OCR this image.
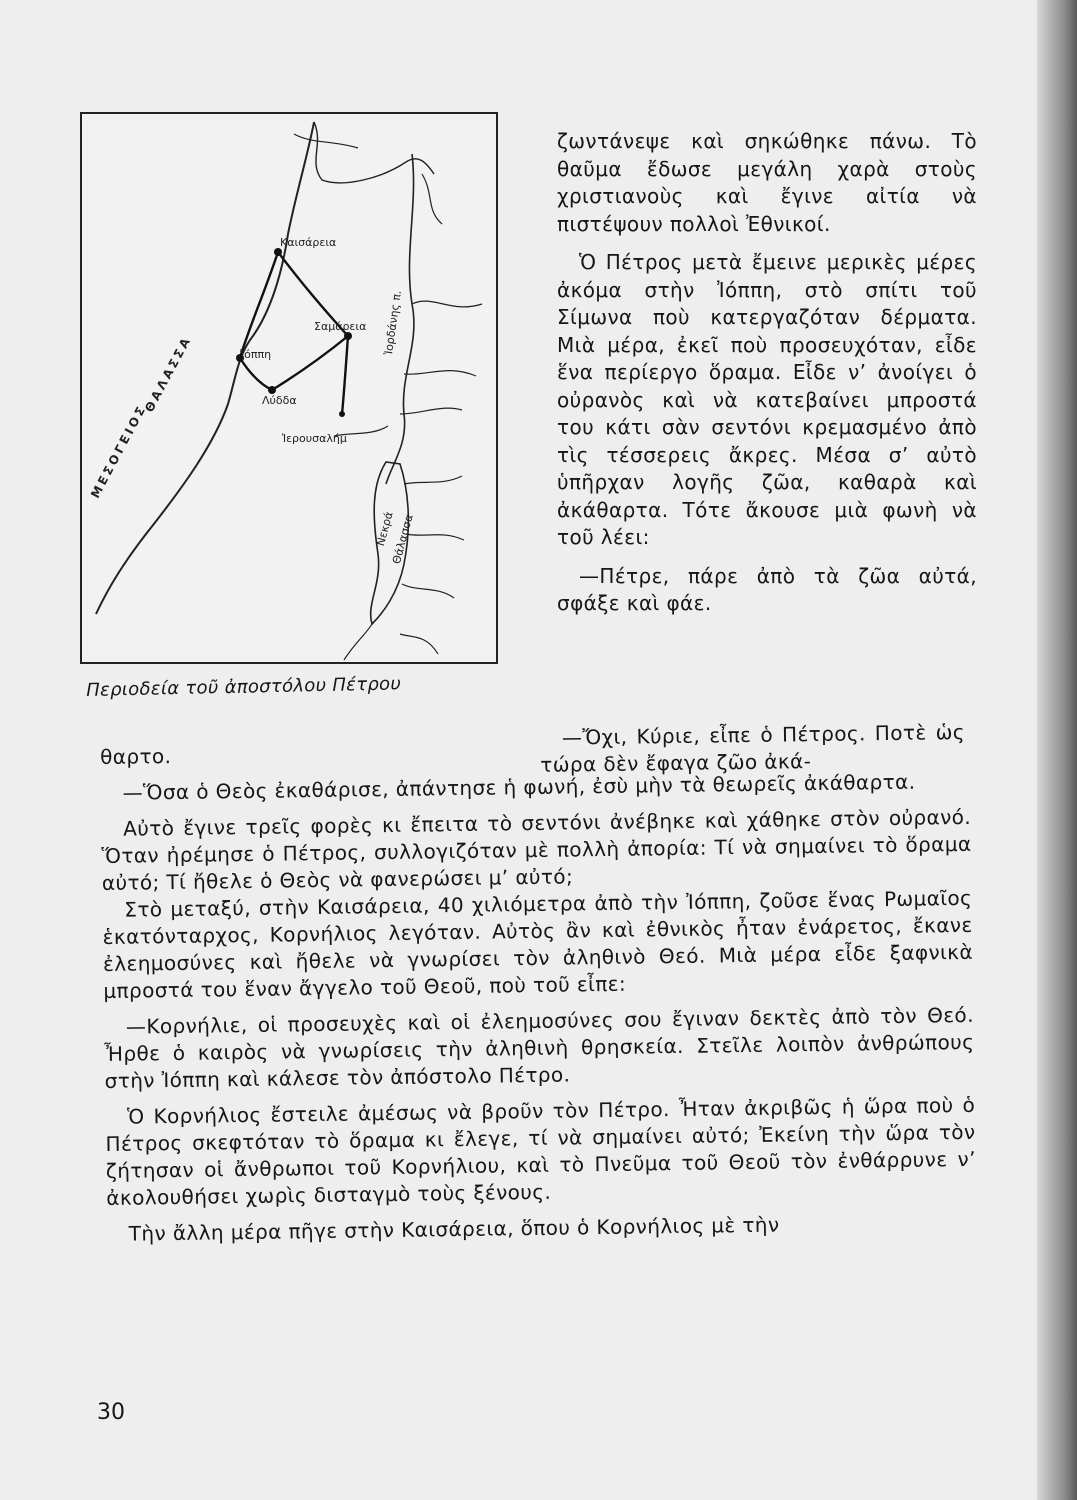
Καισάρεια
Σαμάρεια
Ἰόππη
Λύδδα
Ἱερουσαλήμ
Ἰορδάνης π.
Νεκρά
Θάλασσα
ΜΕΣΟΓΕΙΟΣ
ΘΑΛΑΣΣΑ
Περιοδεία τοῦ ἀποστόλου Πέτρου

ζωντάνεψε καὶ σηκώθηκε πάνω. Τὸ θαῦμα ἔδωσε μεγάλη χαρὰ στοὺς χριστιανοὺς καὶ ἔγινε αἰτία νὰ πιστέψουν πολλοὶ Ἐθνικοί.

Ὁ Πέτρος μετὰ ἔμεινε μερικὲς μέρες ἀκόμα στὴν Ἰόππη, στὸ σπίτι τοῦ Σίμωνα ποὺ κατεργαζόταν δέρματα. Μιὰ μέρα, ἐκεῖ ποὺ προσευχόταν, εἶδε ἕνα περίεργο ὅραμα. Εἶδε ν’ ἀνοίγει ὁ οὐρανὸς καὶ νὰ κατεβαίνει μπροστά του κάτι σὰν σεντόνι κρεμασμένο ἀπὸ τὶς τέσσερεις ἄκρες. Μέσα σ’ αὐτὸ ὑπῆρχαν λογῆς ζῶα, καθαρὰ καὶ ἀκάθαρτα. Τότε ἄκουσε μιὰ φωνὴ νὰ τοῦ λέει:

—Πέτρε, πάρε ἀπὸ τὰ ζῶα αὐτά, σφάξε καὶ φάε.

—Ὄχι, Κύριε, εἶπε ὁ Πέτρος. Ποτὲ ὡς τώρα δὲν ἔφαγα ζῶο ἀκά-

θαρτο.

—Ὅσα ὁ Θεὸς ἐκαθάρισε, ἀπάντησε ἡ φωνή, ἐσὺ μὴν τὰ θεωρεῖς ἀκάθαρτα.

Αὐτὸ ἔγινε τρεῖς φορὲς κι ἔπειτα τὸ σεντόνι ἀνέβηκε καὶ χάθηκε στὸν οὐρανό. Ὅταν ἠρέμησε ὁ Πέτρος, συλλογιζόταν μὲ πολλὴ ἀπορία: Τί νὰ σημαίνει τὸ ὅραμα αὐτό; Τί ἤθελε ὁ Θεὸς νὰ φανερώσει μ’ αὐτό;

Στὸ μεταξύ, στὴν Καισάρεια, 40 χιλιόμετρα ἀπὸ τὴν Ἰόππη, ζοῦσε ἕνας Ρωμαῖος ἑκατόνταρχος, Κορνήλιος λεγόταν. Αὐτὸς ἂν καὶ ἐθνικὸς ἦταν ἐνάρετος, ἔκανε ἐλεημοσύνες καὶ ἤθελε νὰ γνωρίσει τὸν ἀληθινὸ Θεό. Μιὰ μέρα εἶδε ξαφνικὰ μπροστά του ἕναν ἄγγελο τοῦ Θεοῦ, ποὺ τοῦ εἶπε:

—Κορνήλιε, οἱ προσευχὲς καὶ οἱ ἐλεημοσύνες σου ἔγιναν δεκτὲς ἀπὸ τὸν Θεό. Ἦρθε ὁ καιρὸς νὰ γνωρίσεις τὴν ἀληθινὴ θρησκεία. Στεῖλε λοιπὸν ἀνθρώπους στὴν Ἰόππη καὶ κάλεσε τὸν ἀπόστολο Πέτρο.

Ὁ Κορνήλιος ἔστειλε ἀμέσως νὰ βροῦν τὸν Πέτρο. Ἦταν ἀκριβῶς ἡ ὥρα ποὺ ὁ Πέτρος σκεφτόταν τὸ ὅραμα κι ἔλεγε, τί νὰ σημαίνει αὐτό; Ἐκείνη τὴν ὥρα τὸν ζήτησαν οἱ ἄνθρωποι τοῦ Κορνήλιου, καὶ τὸ Πνεῦμα τοῦ Θεοῦ τὸν ἐνθάρρυνε ν’ ἀκολουθήσει χωρὶς δισταγμὸ τοὺς ξένους.

Τὴν ἄλλη μέρα πῆγε στὴν Καισάρεια, ὅπου ὁ Κορνήλιος μὲ τὴν

30
